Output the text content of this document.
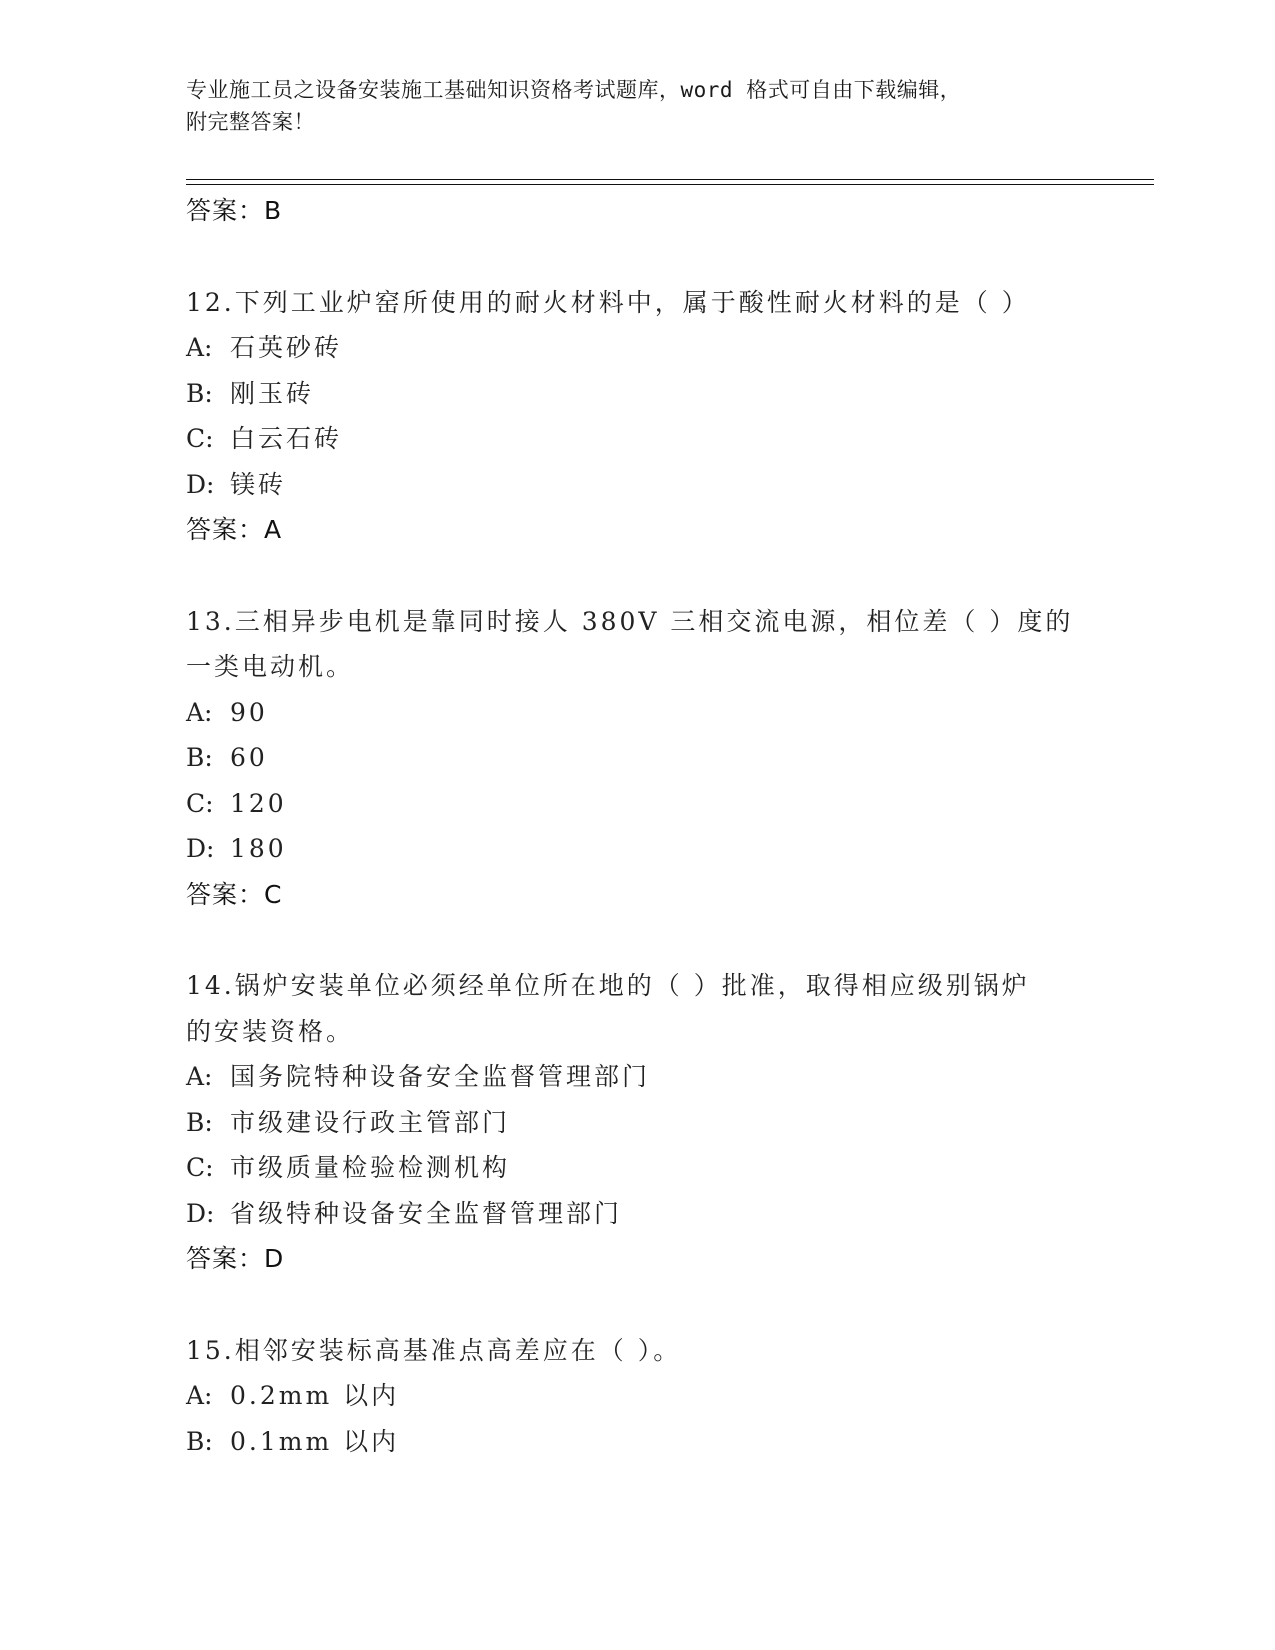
专业施工员之设备安装施工基础知识资格考试题库，word 格式可自由下载编辑，
附完整答案！
答案：B
12.下列工业炉窑所使用的耐火材料中，属于酸性耐火材料的是（ ）
A: 石英砂砖
B: 刚玉砖
C: 白云石砖
D: 镁砖
答案：A
13.三相异步电机是靠同时接人 380V 三相交流电源，相位差（ ）度的
一类电动机。
A: 90
B: 60
C: 120
D: 180
答案：C
14.锅炉安装单位必须经单位所在地的（ ）批准，取得相应级别锅炉
的安装资格。
A: 国务院特种设备安全监督管理部门
B: 市级建设行政主管部门
C: 市级质量检验检测机构
D: 省级特种设备安全监督管理部门
答案：D
15.相邻安装标高基准点高差应在（ ）。
A: 0.2mm 以内
B: 0.1mm 以内
